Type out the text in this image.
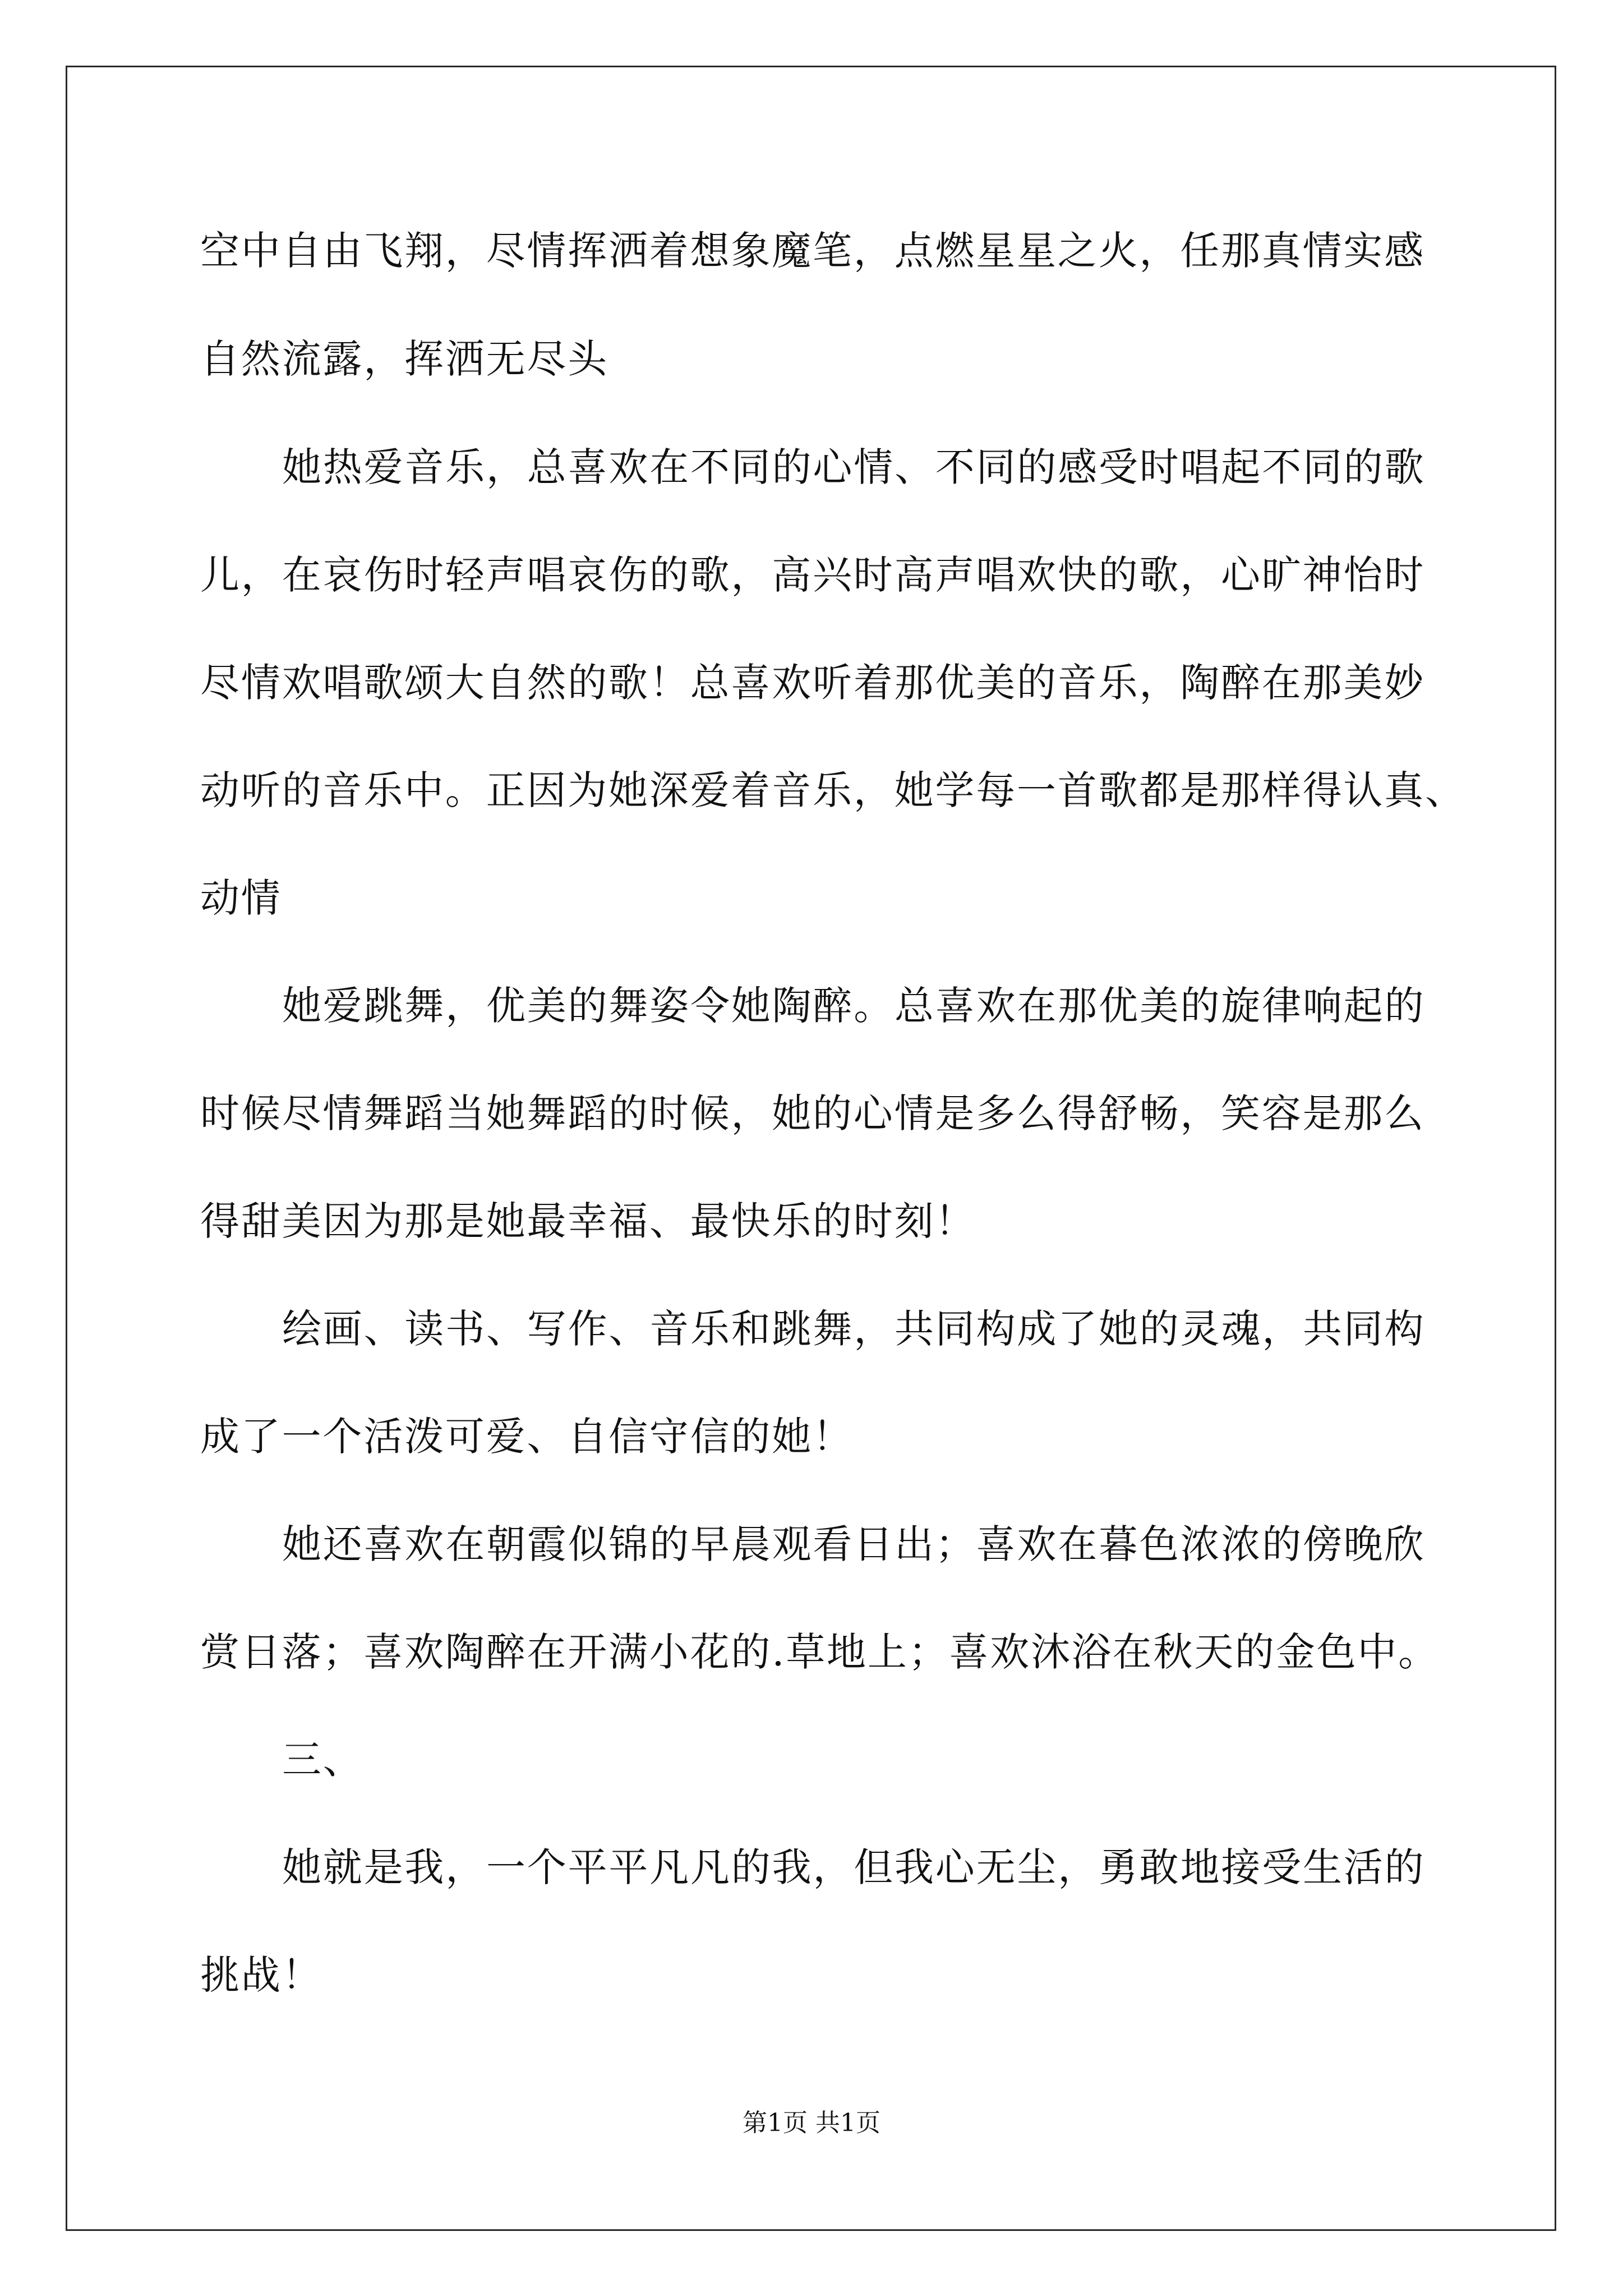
空中自由飞翔，尽情挥洒着想象魔笔，点燃星星之火，任那真情实感
自然流露，挥洒无尽头
她热爱音乐，总喜欢在不同的心情、不同的感受时唱起不同的歌
儿，在哀伤时轻声唱哀伤的歌，高兴时高声唱欢快的歌，心旷神怡时
尽情欢唱歌颂大自然的歌！总喜欢听着那优美的音乐，陶醉在那美妙
动听的音乐中。正因为她深爱着音乐，她学每一首歌都是那样得认真、
动情
她爱跳舞，优美的舞姿令她陶醉。总喜欢在那优美的旋律响起的
时候尽情舞蹈当她舞蹈的时候，她的心情是多么得舒畅，笑容是那么
得甜美因为那是她最幸福、最快乐的时刻！
绘画、读书、写作、音乐和跳舞，共同构成了她的灵魂，共同构
成了一个活泼可爱、自信守信的她！
她还喜欢在朝霞似锦的早晨观看日出；喜欢在暮色浓浓的傍晚欣
赏日落；喜欢陶醉在开满小花的.草地上；喜欢沐浴在秋天的金色中。
三、
她就是我，一个平平凡凡的我，但我心无尘，勇敢地接受生活的
挑战！
第1页 共1页
